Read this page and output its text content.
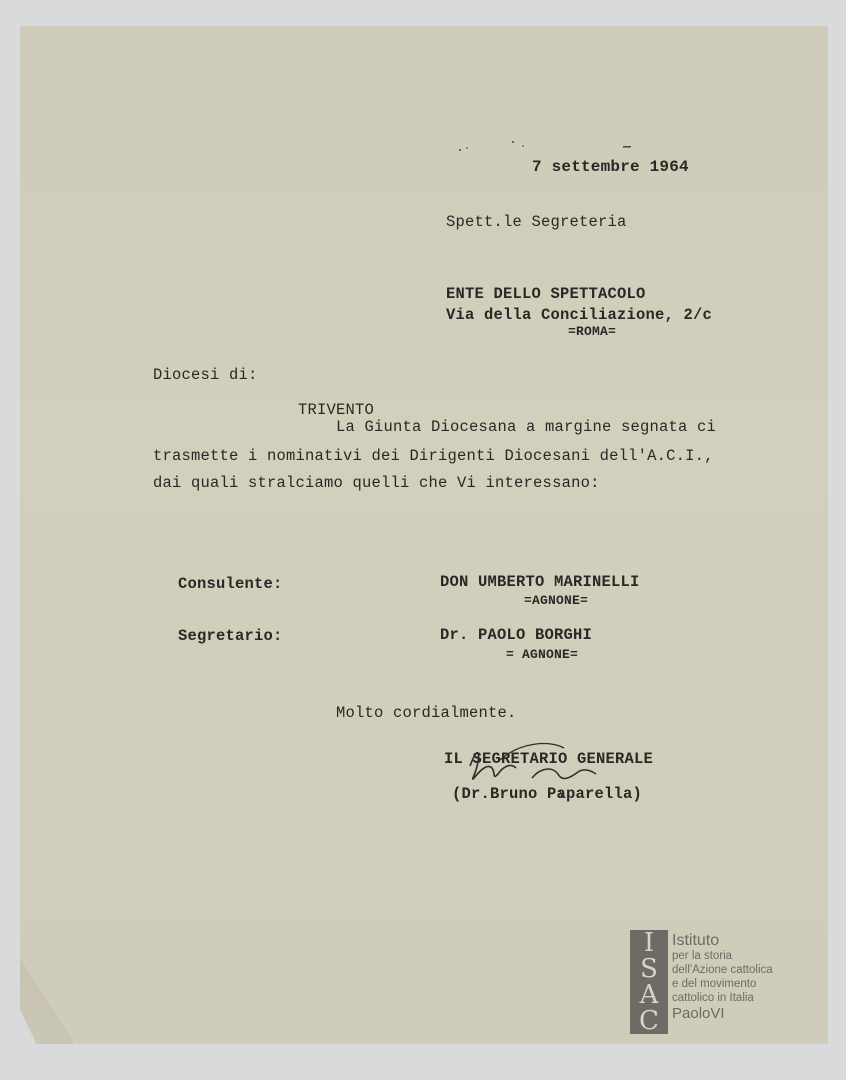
7 settembre 1964
Spett.le Segreteria
ENTE DELLO SPETTACOLO
Via della Conciliazione, 2/c
=ROMA=
Diocesi di:
TRIVENTO
La Giunta Diocesana a margine segnata ci
trasmette i nominativi dei Dirigenti Diocesani dell'A.C.I.,
dai quali stralciamo quelli che Vi interessano:
Consulente:	DON UMBERTO MARINELLI
=AGNONE=
Segretario:	Dr. PAOLO BORGHI
= AGNONE=
Molto cordialmente.
IL SEGRETARIO GENERALE
(Dr.Bruno Paparella)
I
S
A
C
Istituto
per la storia
dell'Azione cattolica
e del movimento
cattolico in Italia
PaoloVI
